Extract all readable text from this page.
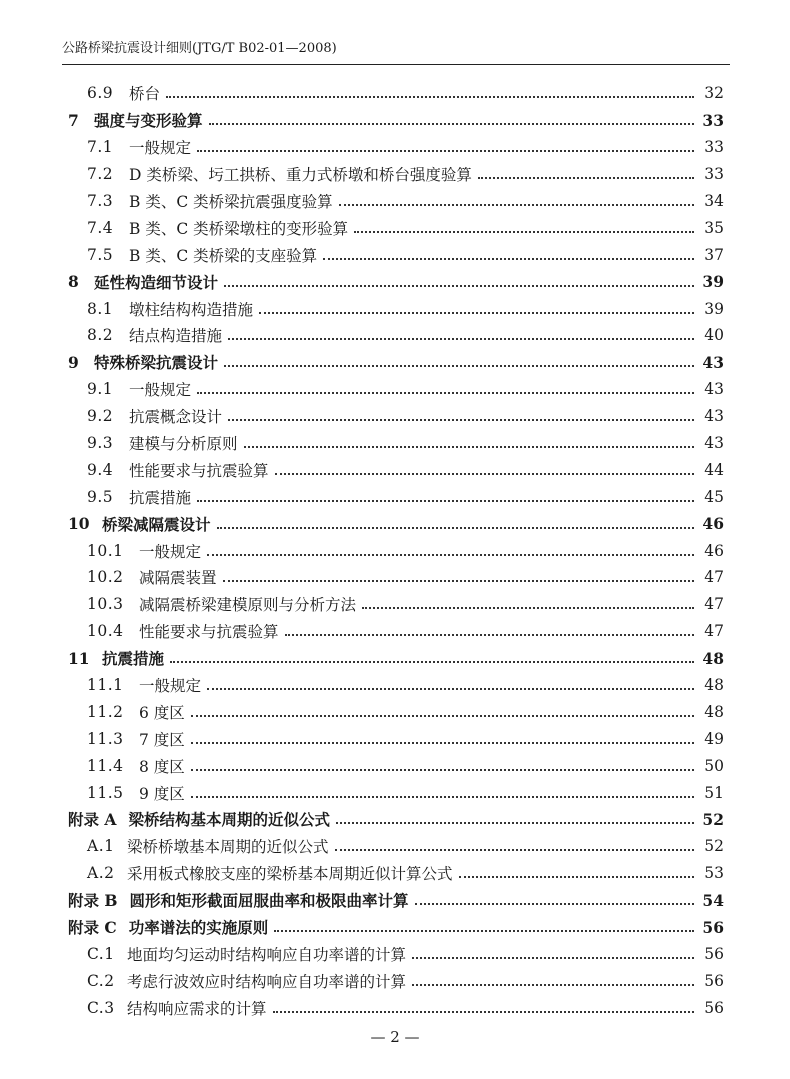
公路桥梁抗震设计细则(JTG/T B02-01—2008)
6.9 桥台	32
7 强度与变形验算	33
7.1 一般规定	33
7.2 D 类桥梁、圬工拱桥、重力式桥墩和桥台强度验算	33
7.3 B 类、C 类桥梁抗震强度验算	34
7.4 B 类、C 类桥梁墩柱的变形验算	35
7.5 B 类、C 类桥梁的支座验算	37
8 延性构造细节设计	39
8.1 墩柱结构构造措施	39
8.2 结点构造措施	40
9 特殊桥梁抗震设计	43
9.1 一般规定	43
9.2 抗震概念设计	43
9.3 建模与分析原则	43
9.4 性能要求与抗震验算	44
9.5 抗震措施	45
10 桥梁减隔震设计	46
10.1 一般规定	46
10.2 减隔震装置	47
10.3 减隔震桥梁建模原则与分析方法	47
10.4 性能要求与抗震验算	47
11 抗震措施	48
11.1 一般规定	48
11.2 6 度区	48
11.3 7 度区	49
11.4 8 度区	50
11.5 9 度区	51
附录 A 梁桥结构基本周期的近似公式	52
A.1 梁桥桥墩基本周期的近似公式	52
A.2 采用板式橡胶支座的梁桥基本周期近似计算公式	53
附录 B 圆形和矩形截面屈服曲率和极限曲率计算	54
附录 C 功率谱法的实施原则	56
C.1 地面均匀运动时结构响应自功率谱的计算	56
C.2 考虑行波效应时结构响应自功率谱的计算	56
C.3 结构响应需求的计算	56
— 2 —
